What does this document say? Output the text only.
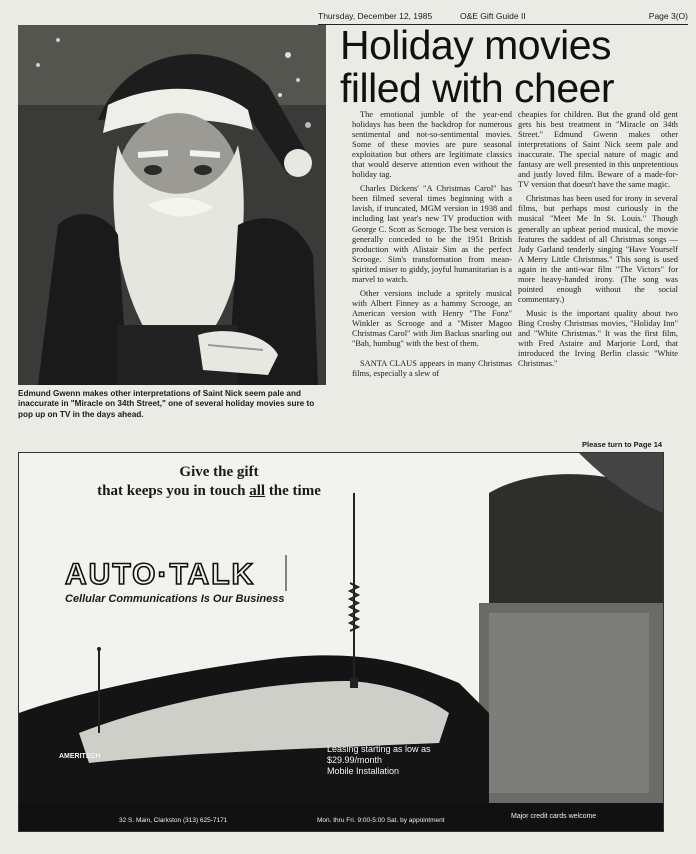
Thursday, December 12, 1985	O&E Gift Guide II	Page 3(O)
Edmund Gwenn makes other interpretations of Saint Nick seem pale and inaccurate in "Miracle on 34th Street," one of several holiday movies sure to pop up on TV in the days ahead.
Holiday movies
filled with cheer

The emotional jumble of the year-end holidays has been the backdrop for numerous sentimental and not-so-sentimental movies. Some of these movies are pure seasonal exploitation but others are legitimate classics that would deserve attention even without the holiday tag.

Charles Dickens' "A Christmas Carol" has been filmed several times beginning with a lavish, if truncated, MGM version in 1938 and including last year's new TV production with George C. Scott as Scrooge. The best version is generally conceded to be the 1951 British production with Alistair Sim as the perfect Scrooge. Sim's transformation from mean-spirited miser to giddy, joyful humanitarian is a marvel to watch.

Other versions include a spritely musical with Albert Finney as a hammy Scrooge, an American version with Henry "The Fonz" Winkler as Scrooge and a "Mister Magoo Christmas Carol" with Jim Backus snarling out "Bah, humbug" with the best of them.

SANTA CLAUS appears in many Christmas films, especially a slew of

cheapies for children. But the grand old gent gets his best treatment in "Miracle on 34th Street." Edmund Gwenn makes other interpretations of Saint Nick seem pale and inaccurate. The special nature of magic and fantasy are well presented in this unpretentious and justly loved film. Beware of a made-for-TV version that doesn't have the same magic.

Christmas has been used for irony in several films, but perhaps most curiously in the musical "Meet Me In St. Louis." Though generally an upbeat period musical, the movie features the saddest of all Christmas songs — Judy Garland tenderly singing "Have Yourself A Merry Little Christmas." This song is used again in the anti-war film "The Victors" for more heavy-handed irony. (The song was pointed enough without the social commentary.)

Music is the important quality about two Bing Crosby Christmas movies, "Holiday Inn" and "White Christmas." It was the first film, with Fred Astaire and Marjorie Lord, that introduced the Irving Berlin classic "White Christmas."

Please turn to Page 14
Give the gift
that keeps you in touch all the time
AUTO·TALK
Cellular Communications Is Our Business
AMERITECH
Leasing starting as low as
$29.99/month
Mobile Installation
32 S. Main, Clarkston (313) 625-7171	Mon. thru Fri. 9:00-5:00 Sat. by appointment
Major credit cards welcome
